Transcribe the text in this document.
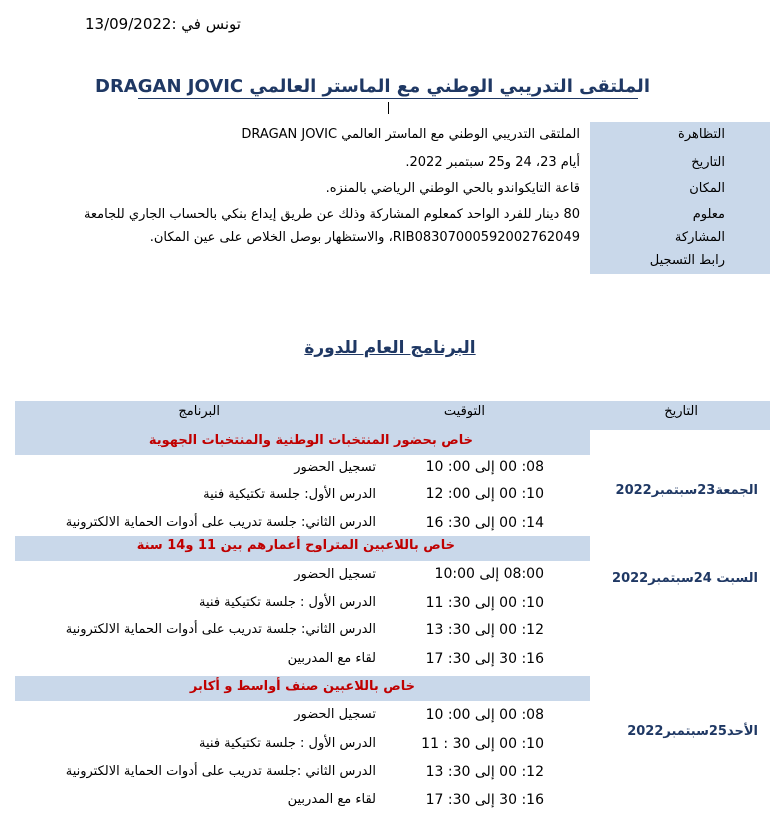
تونس في :13/09/2022
الملتقى التدريبي الوطني مع الماستر العالمي DRAGAN JOVIC
التظاهرة
الملتقى التدريبي الوطني مع الماستر العالمي DRAGAN JOVIC
التاريخ
أيام 23، 24 و25 سبتمبر 2022.
المكان
قاعة التايكواندو بالحي الوطني الرياضي بالمنزه.
معلوم
80 دينار للفرد الواحد كمعلوم المشاركة وذلك عن طريق إيداع بنكي بالحساب الجاري للجامعة
المشاركة
RIB08307000592002762049، والاستظهار بوصل الخلاص على عين المكان.
رابط التسجيل
البرنامج العام للدورة
التاريخ
التوقيت
البرنامج
خاص بحضور المنتخبات الوطنية والمنتخبات الجهوية
الجمعة23سبتمبر2022
08: 00 إلى 00: 10
تسجيل الحضور
10: 00 إلى 00: 12
الدرس الأول: جلسة تكتيكية فنية
14: 00 إلى 30: 16
الدرس الثاني: جلسة تدريب على أدوات الحماية الالكترونية
خاص باللاعبين المتراوح أعمارهم بين 11 و14 سنة
السبت 24سبتمبر2022
08:00 إلى 10:00
تسجيل الحضور
10: 00 إلى 30: 11
الدرس الأول : جلسة تكتيكية فنية
12: 00 إلى 30: 13
الدرس الثاني: جلسة تدريب على أدوات الحماية الالكترونية
16: 30 إلى 30: 17
لقاء مع المدربين
خاص باللاعبين صنف أواسط و أكابر
الأحد25سبتمبر2022
08: 00 إلى 00: 10
تسجيل الحضور
10: 00 إلى 30 : 11
الدرس الأول : جلسة تكتيكية فنية
12: 00 إلى 30: 13
الدرس الثاني :جلسة تدريب على أدوات الحماية الالكترونية
16: 30 إلى 30: 17
لقاء مع المدربين
